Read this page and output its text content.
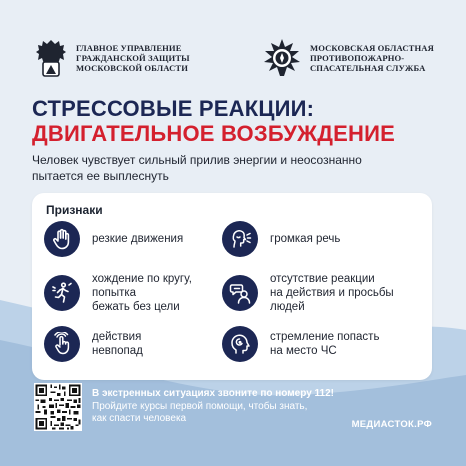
ГЛАВНОЕ УПРАВЛЕНИЕ
ГРАЖДАНСКОЙ ЗАЩИТЫ
МОСКОВСКОЙ ОБЛАСТИ
МОСКОВСКАЯ ОБЛАСТНАЯ
ПРОТИВОПОЖАРНО-
СПАСАТЕЛЬНАЯ СЛУЖБА
СТРЕССОВЫЕ РЕАКЦИИ:
ДВИГАТЕЛЬНОЕ ВОЗБУЖДЕНИЕ
Человек чувствует сильный прилив энергии и неосознанно
пытается ее выплеснуть
Признаки
резкие движения	громкая речь
хождение по кругу,
попытка
бежать без цели
отсутствие реакции
на действия и просьбы
людей
действия
невпопад
стремление попасть
на место ЧС
В экстренных ситуациях звоните по номеру 112!
Пройдите курсы первой помощи, чтобы знать,
как спасти человека
МЕДИАСТОК.РФ
